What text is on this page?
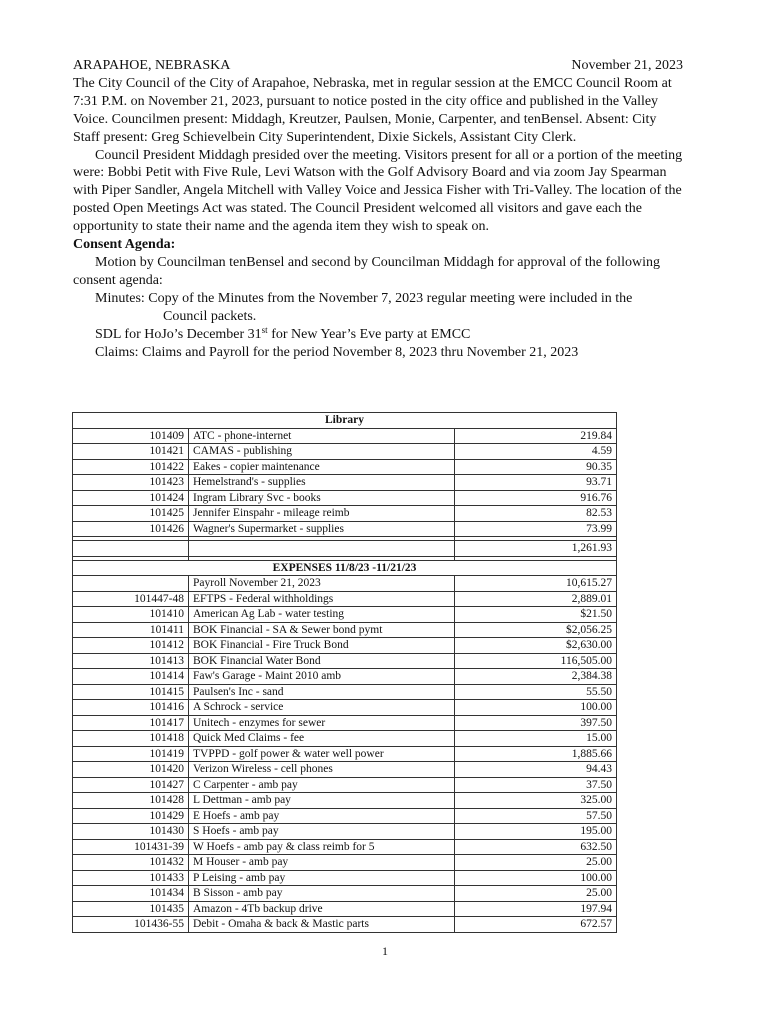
ARAPAHOE, NEBRASKA	November 21, 2023

The City Council of the City of Arapahoe, Nebraska, met in regular session at the EMCC Council Room at 7:31 P.M. on November 21, 2023, pursuant to notice posted in the city office and published in the Valley Voice. Councilmen present: Middagh, Kreutzer, Paulsen, Monie, Carpenter, and tenBensel. Absent: City Staff present: Greg Schievelbein City Superintendent, Dixie Sickels, Assistant City Clerk.

Council President Middagh presided over the meeting. Visitors present for all or a portion of the meeting were: Bobbi Petit with Five Rule, Levi Watson with the Golf Advisory Board and via zoom Jay Spearman with Piper Sandler, Angela Mitchell with Valley Voice and Jessica Fisher with Tri-Valley. The location of the posted Open Meetings Act was stated. The Council President welcomed all visitors and gave each the opportunity to state their name and the agenda item they wish to speak on.

Consent Agenda:

Motion by Councilman tenBensel and second by Councilman Middagh for approval of the following consent agenda:

Minutes: Copy of the Minutes from the November 7, 2023 regular meeting were included in the
Council packets.
SDL for HoJo’s December 31st for New Year’s Eve party at EMCC
Claims: Claims and Payroll for the period November 8, 2023 thru November 21, 2023
Library		
101409	ATC - phone-internet	219.84
101421	CAMAS - publishing	4.59
101422	Eakes - copier maintenance	90.35
101423	Hemelstrand's - supplies	93.71
101424	Ingram Library Svc - books	916.76
101425	Jennifer Einspahr - mileage reimb	82.53
101426	Wagner's Supermarket - supplies	73.99

		1,261.93

EXPENSES 11/8/23 -11/21/23		
	Payroll November 21, 2023	10,615.27
101447-48	EFTPS - Federal withholdings	2,889.01
101410	American Ag Lab - water testing	$21.50
101411	BOK Financial - SA & Sewer bond pymt	$2,056.25
101412	BOK Financial - Fire Truck Bond	$2,630.00
101413	BOK Financial Water Bond	116,505.00
101414	Faw's Garage - Maint 2010 amb	2,384.38
101415	Paulsen's Inc - sand	55.50
101416	A Schrock - service	100.00
101417	Unitech - enzymes for sewer	397.50
101418	Quick Med Claims - fee	15.00
101419	TVPPD - golf power & water well power	1,885.66
101420	Verizon Wireless - cell phones	94.43
101427	C Carpenter - amb pay	37.50
101428	L Dettman - amb pay	325.00
101429	E Hoefs - amb pay	57.50
101430	S Hoefs - amb pay	195.00
101431-39	W Hoefs - amb pay & class reimb for 5	632.50
101432	M Houser - amb pay	25.00
101433	P Leising - amb pay	100.00
101434	B Sisson - amb pay	25.00
101435	Amazon - 4Tb backup drive	197.94
101436-55	Debit - Omaha & back & Mastic parts	672.57
1
